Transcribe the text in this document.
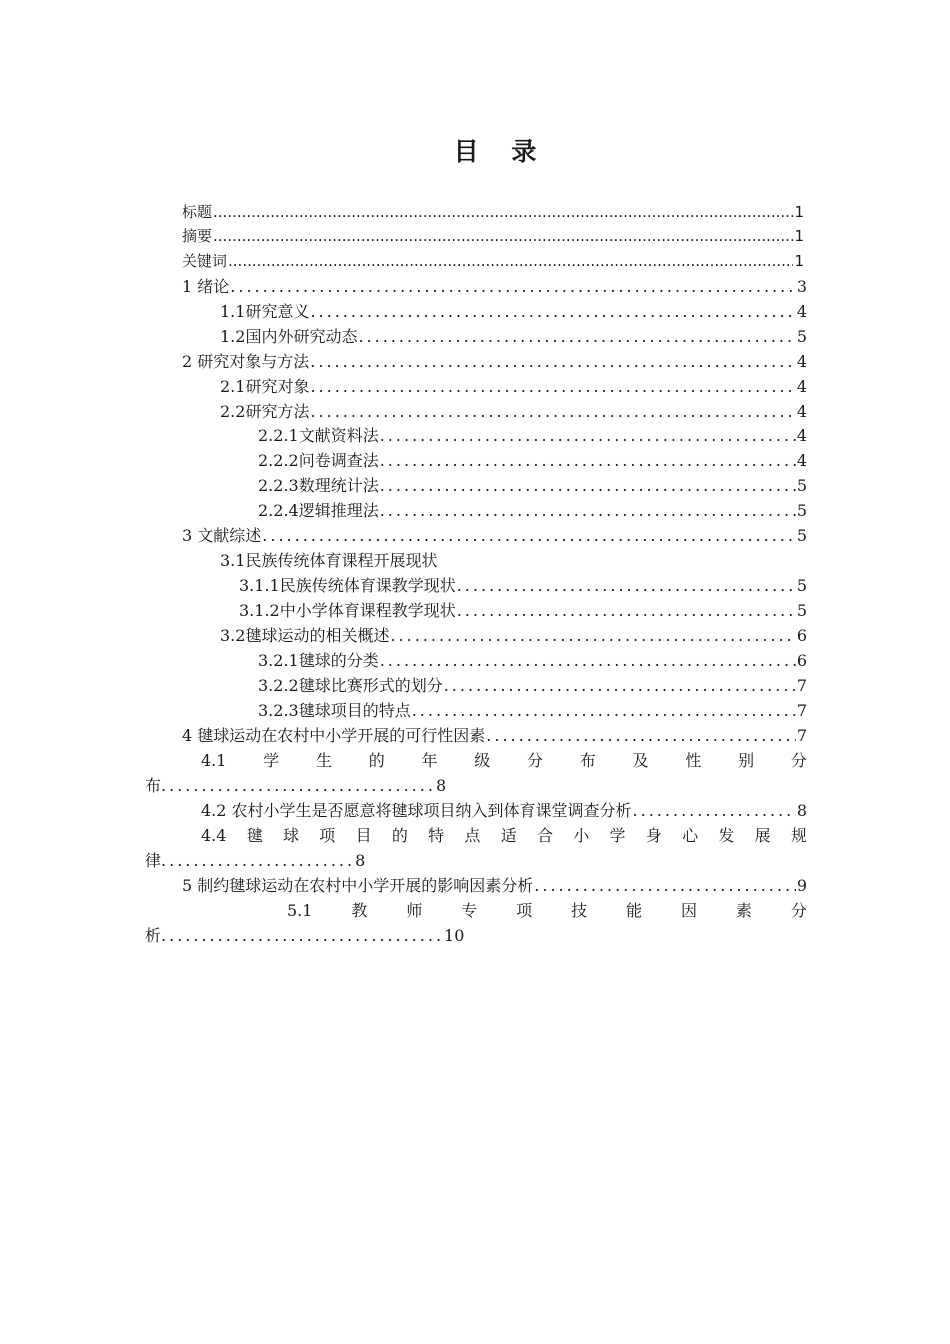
目 录
标题 .....	1
摘要 .....	1
关键词 .....	1
1 绪论 .....	3
1.1研究意义 .....	4
1.2国内外研究动态 .....	5
2 研究对象与方法 .....	4
2.1研究对象 .....	4
2.2研究方法 .....	4
2.2.1文献资料法 .....	4
2.2.2问卷调查法 .....	4
2.2.3数理统计法 .....	5
2.2.4逻辑推理法 .....	5
3 文献综述 .....	5
3.1民族传统体育课程开展现状
3.1.1民族传统体育课教学现状 .....	5
3.1.2中小学体育课程教学现状 .....	5
3.2毽球运动的相关概述 .....	6
3.2.1毽球的分类 .....	6
3.2.2毽球比赛形式的划分 .....	7
3.2.3毽球项目的特点 .....	7
4 毽球运动在农村中小学开展的可行性因素 .....	7
4.1 学 生 的 年 级 分 布 及 性 别 分
布..................................8
4.2 农村小学生是否愿意将毽球项目纳入到体育课堂调查分析 .....	8
4.4 毽 球 项 目 的 特 点 适 合 小 学 身 心 发 展 规
律........................8
5 制约毽球运动在农村中小学开展的影响因素分析 .....	9
5.1 教 师 专 项 技 能 因 素 分
析...................................10
